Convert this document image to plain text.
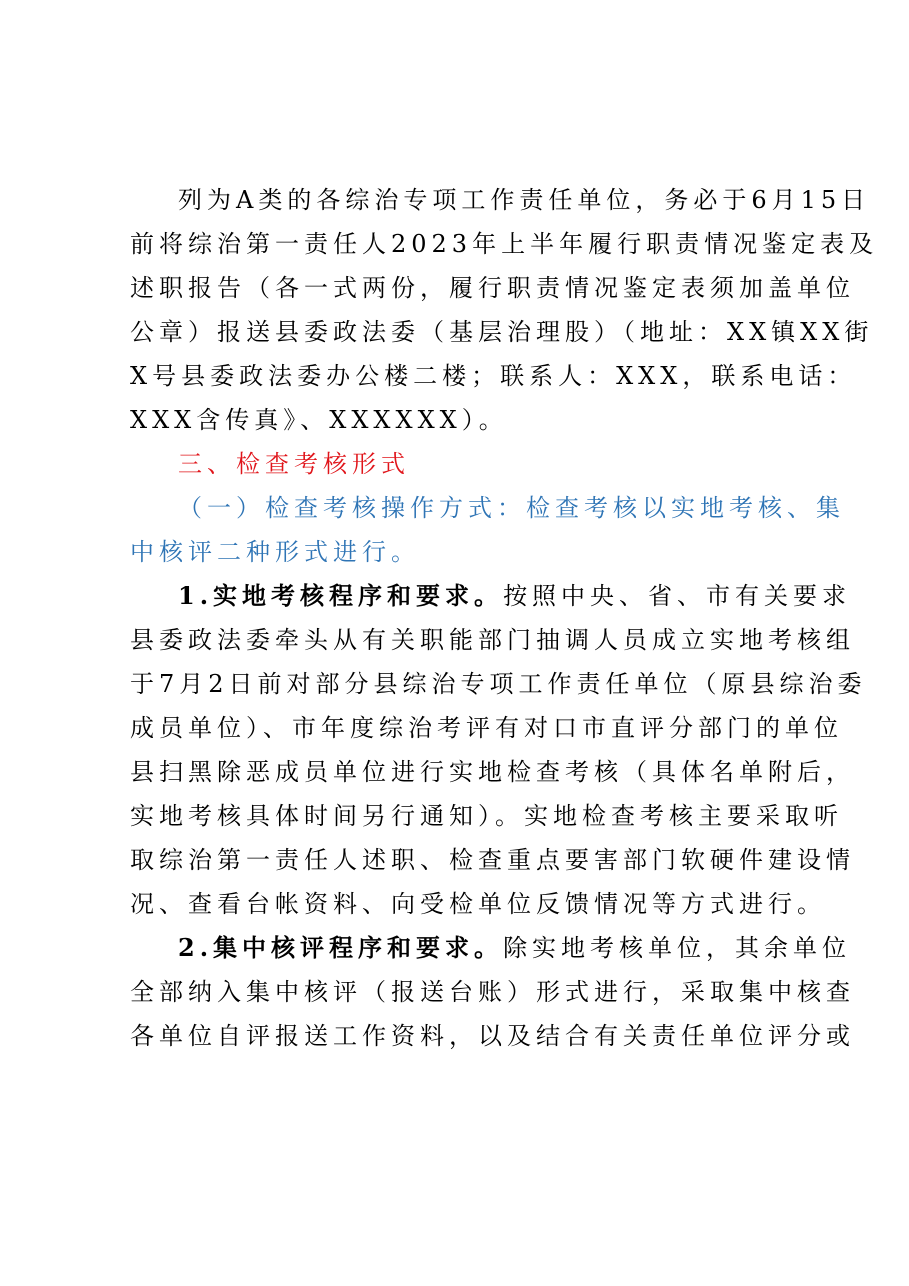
列为A类的各综治专项工作责任单位，务必于6月15日
前将综治第一责任人2023年上半年履行职责情况鉴定表及
述职报告（各一式两份，履行职责情况鉴定表须加盖单位
公章）报送县委政法委（基层治理股）（地址：XX镇XX街
X号县委政法委办公楼二楼；联系人：XXX，联系电话：
XXX含传真》、XXXXXX）。
三、检查考核形式
（一）检查考核操作方式：检查考核以实地考核、集
中核评二种形式进行。
1.实地考核程序和要求。按照中央、省、市有关要求
县委政法委牵头从有关职能部门抽调人员成立实地考核组
于7月2日前对部分县综治专项工作责任单位（原县综治委
成员单位）、市年度综治考评有对口市直评分部门的单位
县扫黑除恶成员单位进行实地检查考核（具体名单附后，
实地考核具体时间另行通知）。实地检查考核主要采取听
取综治第一责任人述职、检查重点要害部门软硬件建设情
况、查看台帐资料、向受检单位反馈情况等方式进行。
2.集中核评程序和要求。除实地考核单位，其余单位
全部纳入集中核评（报送台账）形式进行，采取集中核查
各单位自评报送工作资料，以及结合有关责任单位评分或
